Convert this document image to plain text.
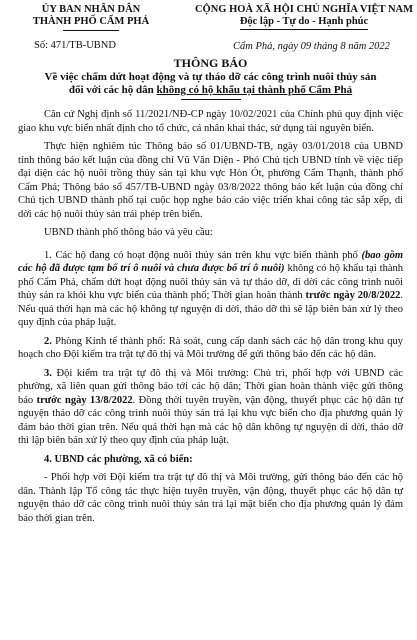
ỦY BAN NHÂN DÂN
THÀNH PHỐ CẨM PHẢ
Số: 471/TB-UBND
CỘNG HOÀ XÃ HỘI CHỦ NGHĨA VIỆT NAM
Độc lập - Tự do - Hạnh phúc
Cẩm Phả, ngày 09 tháng 8 năm 2022
THÔNG BÁO
Về việc chấm dứt hoạt động và tự tháo dỡ các công trình nuôi thủy sản
đối với các hộ dân không có hộ khẩu tại thành phố Cẩm Phả

Căn cứ Nghị định số 11/2021/NĐ-CP ngày 10/02/2021 của Chính phủ quy định việc giao khu vực biển nhất định cho tổ chức, cá nhân khai thác, sử dụng tài nguyên biển.

Thực hiện nghiêm túc Thông báo số 01/UBND-TB, ngày 03/01/2018 của UBND tỉnh thông báo kết luận của đồng chí Vũ Văn Diện - Phó Chủ tịch UBND tỉnh về việc tiếp đại diện các hộ nuôi trồng thủy sản tại khu vực Hòn Ót, phường Cẩm Thạnh, thành phố Cẩm Phả; Thông báo số 457/TB-UBND ngày 03/8/2022 thông báo kết luận của đồng chí Chủ tịch UBND thành phố tại cuộc họp nghe báo cáo việc triển khai công tác sắp xếp, di dời các hộ nuôi thủy sản trái phép trên biển.

UBND thành phố thông báo và yêu cầu:

1. Các hộ đang có hoạt động nuôi thủy sản trên khu vực biển thành phố (bao gồm các hộ đã được tạm bố trí ô nuôi và chưa được bố trí ô nuôi) không có hộ khẩu tại thành phố Cẩm Phả, chấm dứt hoạt động nuôi thủy sản và tự tháo dỡ, di dời các công trình nuôi thủy sản ra khỏi khu vực biển của thành phố; Thời gian hoàn thành trước ngày 20/8/2022. Nếu quá thời hạn mà các hộ không tự nguyện di dời, tháo dỡ thì sẽ lập biên bản xử lý theo quy định của pháp luật.

2. Phòng Kinh tế thành phố: Rà soát, cung cấp danh sách các hộ dân trong khu quy hoạch cho Đội kiểm tra trật tự đô thị và Môi trường để gửi thông báo đến các hộ dân.

3. Đội kiểm tra trật tự đô thị và Môi trường: Chủ trì, phối hợp với UBND các phường, xã liên quan gửi thông báo tới các hộ dân; Thời gian hoàn thành việc gửi thông báo trước ngày 13/8/2022. Đồng thời tuyên truyền, vận động, thuyết phục các hộ dân tự nguyện tháo dỡ các công trình nuôi thủy sản trả lại khu vực biển cho địa phương quản lý đảm bảo thời gian trên. Nếu quá thời hạn mà các hộ dân không tự nguyện di dời, tháo dỡ thì lập biên bản xử lý theo quy định của pháp luật.

4. UBND các phường, xã có biển:

- Phối hợp với Đội kiểm tra trật tự đô thị và Môi trường, gửi thông báo đến các hộ dân. Thành lập Tổ công tác thực hiện tuyên truyền, vận động, thuyết phục các hộ dân tự nguyện tháo dỡ các công trình nuôi thủy sản trả lại mặt biển cho địa phương quản lý đảm bảo thời gian trên.
